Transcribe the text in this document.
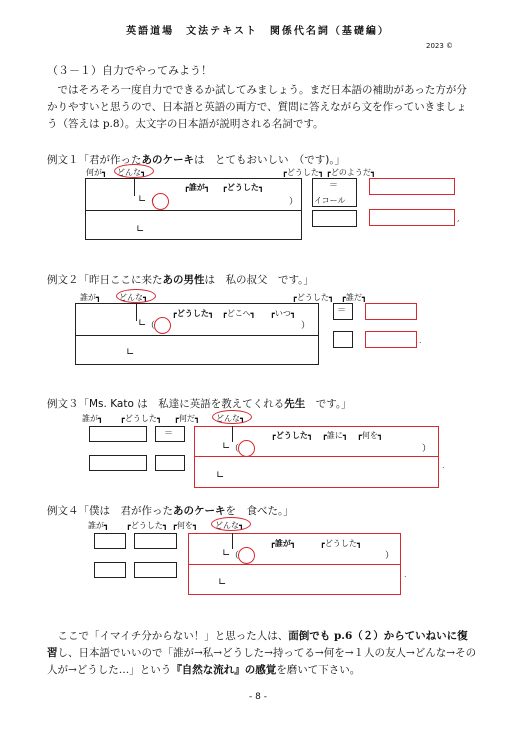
英語道場　文法テキスト　関係代名詞（基礎編）
2023 ©
（３－１）自力でやってみよう！
　ではそろそろ一度自力でできるか試してみましょう。まだ日本語の補助があった方が分かりやすいと思うので、日本語と英語の両方で、質問に答えながら文を作っていきましょう（答えは p.8）。太文字の日本語が説明される名詞です。
例文１「君が作ったあのケーキは　とてもおいしい　（です)。」
何が┓ どんな┓	┏どうした┓ ┏どのようだ┓
┏誰が┓ ┏どうした┓
∟ （	）
∟
＝
イコール
,
例文２「昨日ここに来たあの男性は　私の叔父　です。」
誰が┓ どんな┓	┏どうした┓ ┏誰だ┓
┏どうした┓ ┏どこへ┓ ┏いつ┓
∟ （	）
∟
＝
.
例文３「Ms. Kato は　私達に英語を教えてくれる先生　です。」
誰が┓ ┏どうした┓ ┏何だ┓ どんな┓
＝	┏どうした┓ ┏誰に┓ ┏何を┓
∟ （	）
∟
.
例文４「僕は　君が作ったあのケーキを　食べた。」
誰が┓ ┏どうした┓ ┏何を┓ どんな┓
┏誰が┓	┏どうした┓
∟ （	）
∟
.
　ここで「イマイチ分からない！」と思った人は、面倒でも p.6（２）からていねいに復習し、日本語でいいので「誰が→私→どうした→持ってる→何を→１人の友人→どんな→その人が→どうした…」という『自然な流れ』の感覚を磨いて下さい。
- 8 -
